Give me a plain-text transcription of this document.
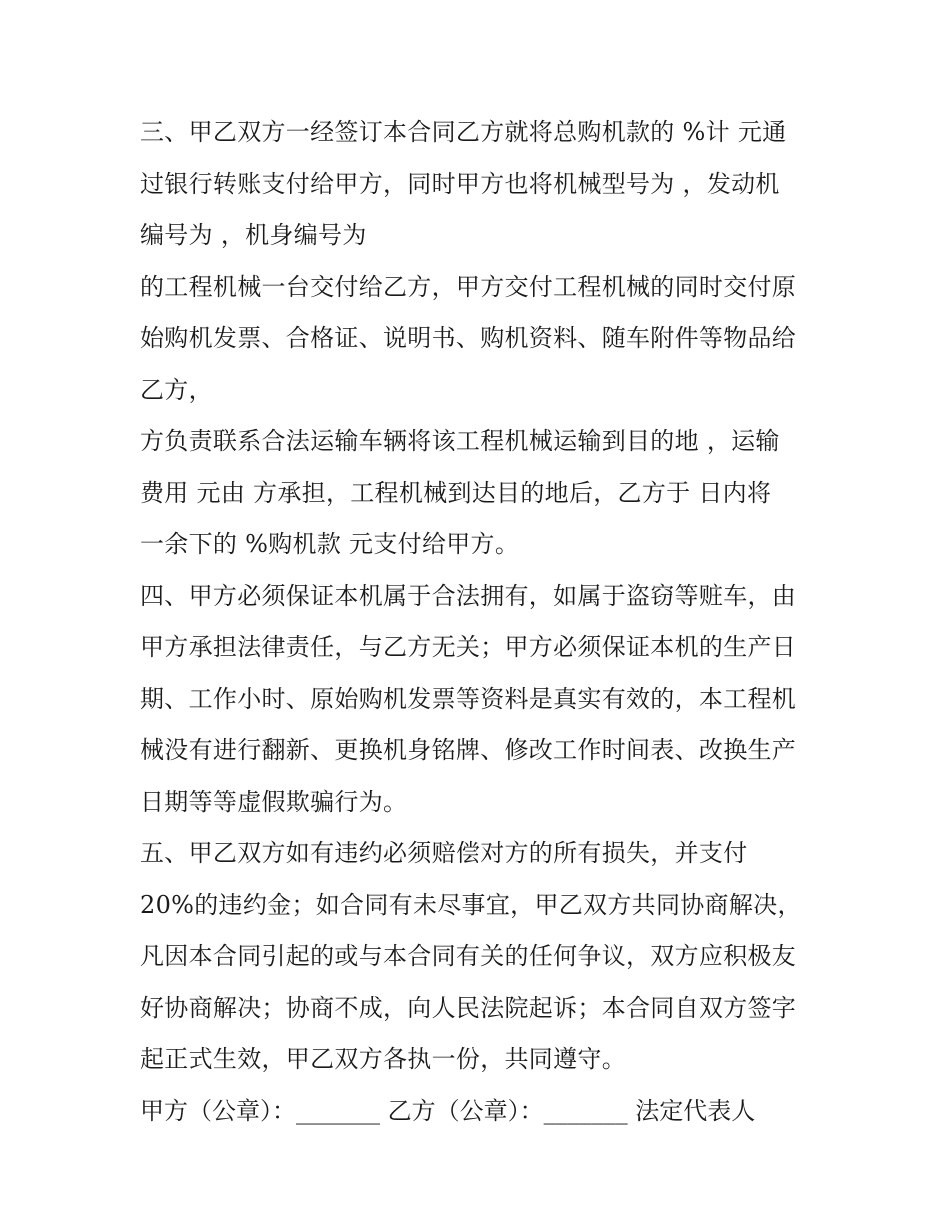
三、甲乙双方一经签订本合同乙方就将总购机款的 %计 元通
过银行转账支付给甲方，同时甲方也将机械型号为 ，发动机
编号为 ，机身编号为
的工程机械一台交付给乙方，甲方交付工程机械的同时交付原
始购机发票、合格证、说明书、购机资料、随车附件等物品给
乙方，
方负责联系合法运输车辆将该工程机械运输到目的地 ，运输
费用 元由 方承担，工程机械到达目的地后，乙方于 日内将
一余下的 %购机款 元支付给甲方。
四、甲方必须保证本机属于合法拥有，如属于盗窃等赃车，由
甲方承担法律责任，与乙方无关；甲方必须保证本机的生产日
期、工作小时、原始购机发票等资料是真实有效的，本工程机
械没有进行翻新、更换机身铭牌、修改工作时间表、改换生产
日期等等虚假欺骗行为。
五、甲乙双方如有违约必须赔偿对方的所有损失，并支付
20%的违约金；如合同有未尽事宜，甲乙双方共同协商解决，
凡因本合同引起的或与本合同有关的任何争议，双方应积极友
好协商解决；协商不成，向人民法院起诉；本合同自双方签字
起正式生效，甲乙双方各执一份，共同遵守。
甲方（公章）：_______ 乙方（公章）：_______ 法定代表人
